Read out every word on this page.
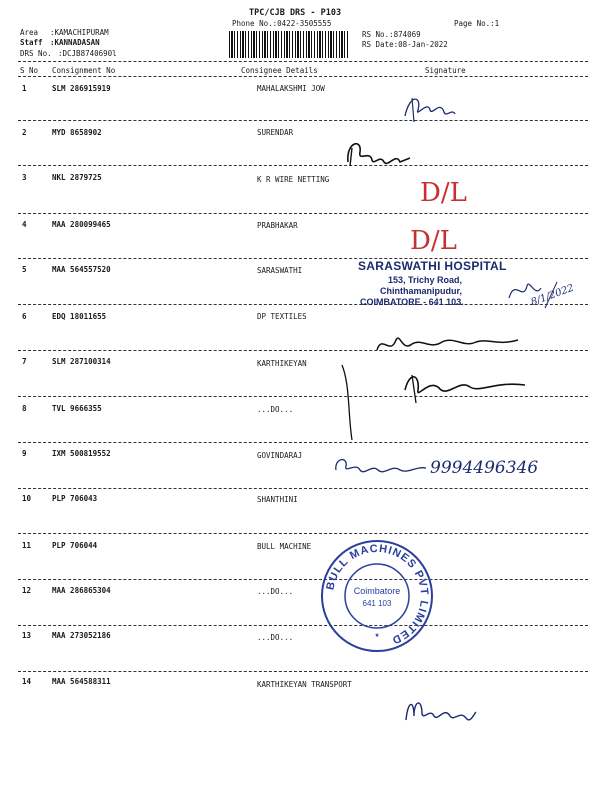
TPC/CJB DRS - P103
Phone No.:0422-3505555	Page No.:1
Area :KAMACHIPURAM
Staff :KANNADASAN
DRS No. :DCJB8740690l
RS No.:874069
RS Date:08-Jan-2022
S No Consignment No	Consignee Details	Signature
1	SLM 286915919	MAHALAKSHMI JOW
2	MYD 8658902	SURENDAR
3	NKL 2879725	K R WIRE NETTING
4	MAA 280099465	PRABHAKAR
5	MAA 564557520	SARASWATHI
6	EDQ 18011655	DP TEXTILES
7	SLM 287100314	KARTHIKEYAN
8	TVL 9666355	...DO...
9	IXM 500819552	GOVINDARAJ
10	PLP 706043	SHANTHINI
11	PLP 706044	BULL MACHINE
12	MAA 286865304	...DO...
13	MAA 273052186	...DO...
14	MAA 564588311	KARTHIKEYAN TRANSPORT
D/L
D/L
SARASWATHI HOSPITAL
153, Trichy Road,
Chinthamanipudur,
COIMBATORE - 641 103.	8/1/2022
9994496346
BULL MACHINES PVT LIMITED
Coimbatore
641 103
★
